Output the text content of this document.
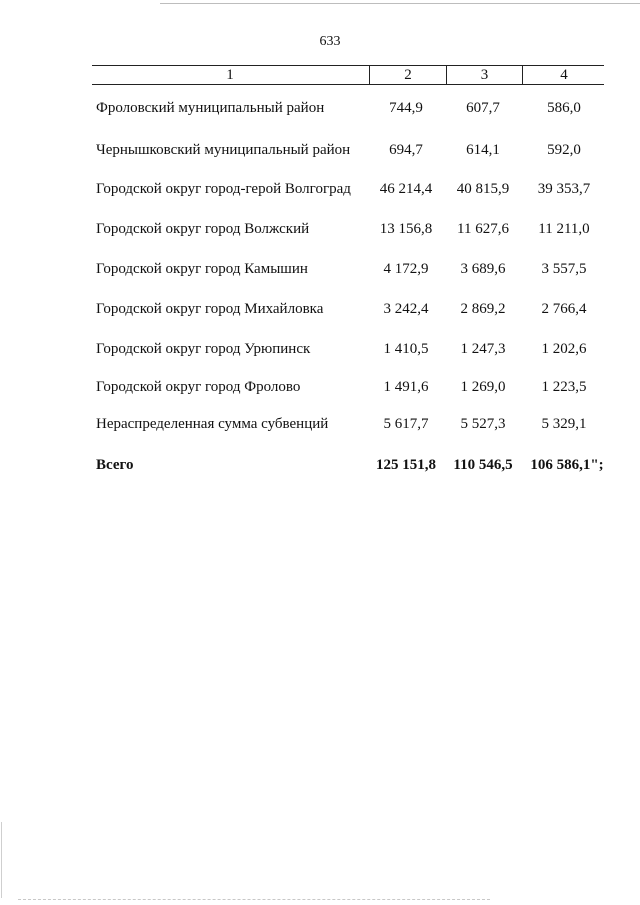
633
1	2	3	4
Фроловский муниципальный район	744,9	607,7	586,0
Чернышковский муниципальный район	694,7	614,1	592,0
Городской округ город-герой Волгоград	46 214,4	40 815,9	39 353,7
Городской округ город Волжский	13 156,8	11 627,6	11 211,0
Городской округ город Камышин	4 172,9	3 689,6	3 557,5
Городской округ город Михайловка	3 242,4	2 869,2	2 766,4
Городской округ город Урюпинск	1 410,5	1 247,3	1 202,6
Городской округ город Фролово	1 491,6	1 269,0	1 223,5
Нераспределенная сумма субвенций	5 617,7	5 527,3	5 329,1
Всего	125 151,8	110 546,5	106 586,1";
